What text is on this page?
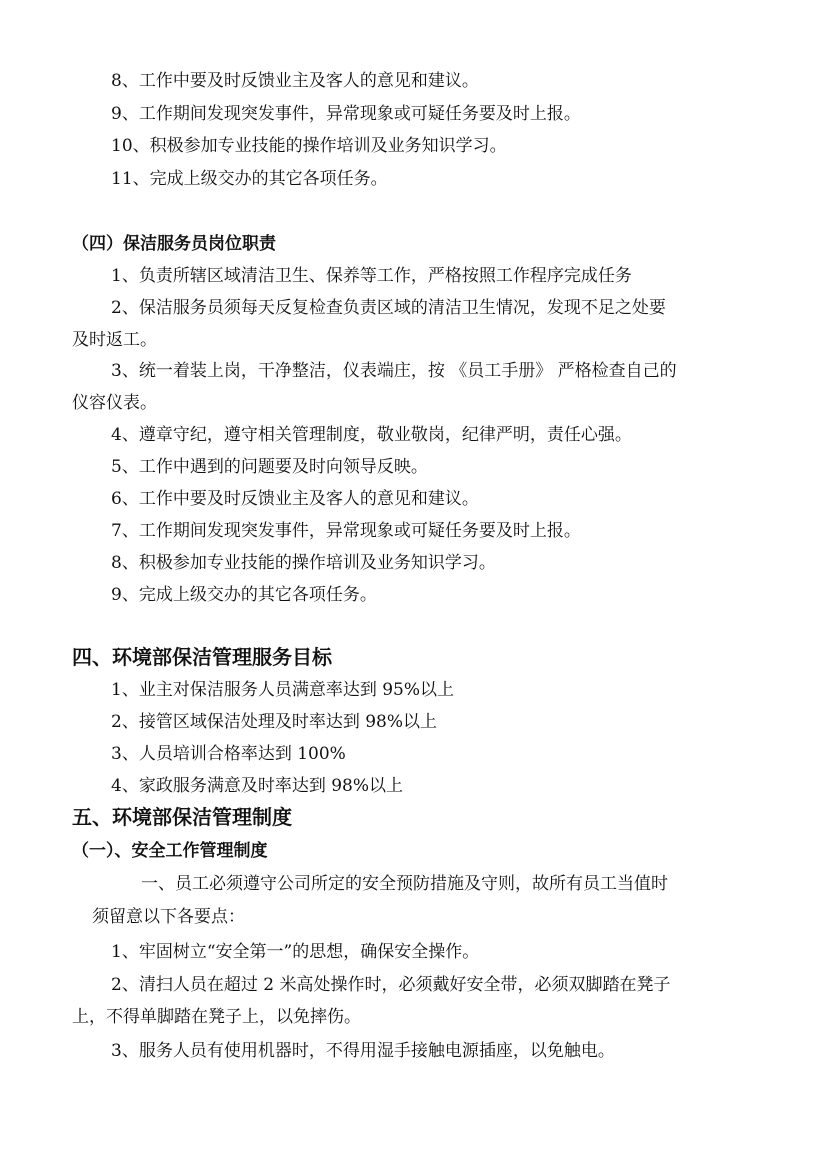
8、工作中要及时反馈业主及客人的意见和建议。
9、工作期间发现突发事件，异常现象或可疑任务要及时上报。
10、积极参加专业技能的操作培训及业务知识学习。
11、完成上级交办的其它各项任务。
（四）保洁服务员岗位职责
1、负责所辖区域清洁卫生、保养等工作，严格按照工作程序完成任务
2、保洁服务员须每天反复检查负责区域的清洁卫生情况，发现不足之处要
及时返工。
3、统一着装上岗，干净整洁，仪表端庄，按 《员工手册》 严格检查自己的
仪容仪表。
4、遵章守纪，遵守相关管理制度，敬业敬岗，纪律严明，责任心强。
5、工作中遇到的问题要及时向领导反映。
6、工作中要及时反馈业主及客人的意见和建议。
7、工作期间发现突发事件，异常现象或可疑任务要及时上报。
8、积极参加专业技能的操作培训及业务知识学习。
9、完成上级交办的其它各项任务。
四、环境部保洁管理服务目标
1、业主对保洁服务人员满意率达到 95%以上
2、接管区域保洁处理及时率达到 98%以上
3、人员培训合格率达到 100%
4、家政服务满意及时率达到 98%以上
五、环境部保洁管理制度
（一）、安全工作管理制度
一、员工必须遵守公司所定的安全预防措施及守则，故所有员工当值时
须留意以下各要点：
1、牢固树立“安全第一”的思想，确保安全操作。
2、清扫人员在超过 2 米高处操作时，必须戴好安全带，必须双脚踏在凳子
上，不得单脚踏在凳子上，以免摔伤。
3、服务人员有使用机器时，不得用湿手接触电源插座，以免触电。
